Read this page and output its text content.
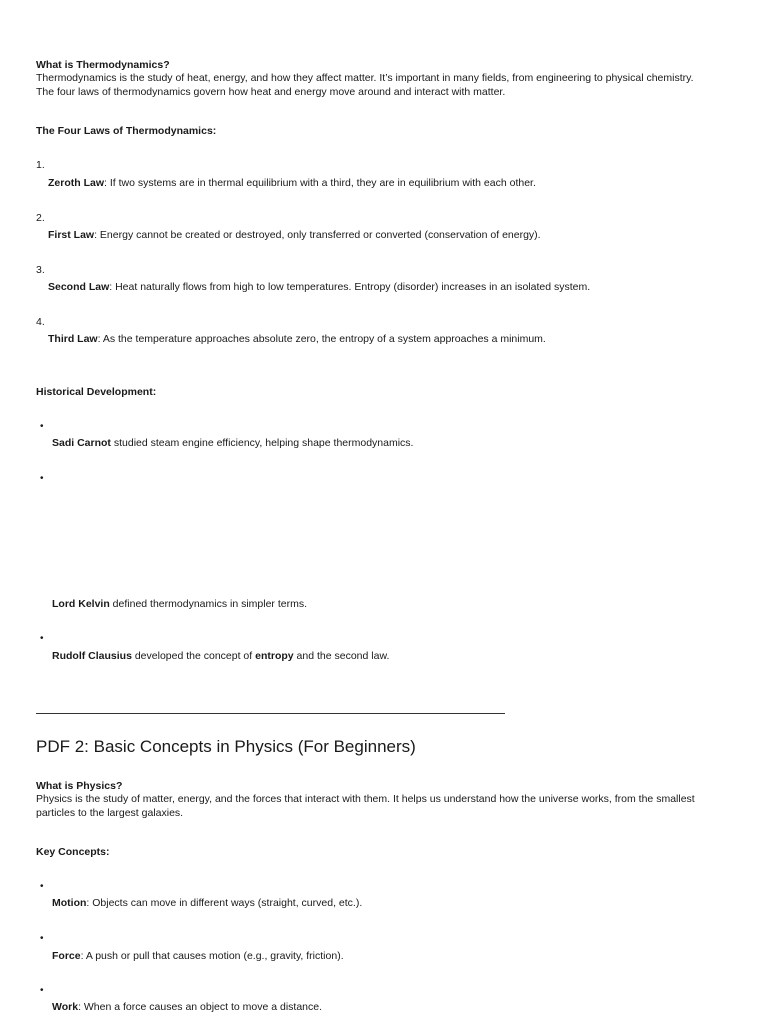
What is Thermodynamics?
Thermodynamics is the study of heat, energy, and how they affect matter. It’s important in many fields, from engineering to physical chemistry.
The four laws of thermodynamics govern how heat and energy move around and interact with matter.
The Four Laws of Thermodynamics:
1.
Zeroth Law: If two systems are in thermal equilibrium with a third, they are in equilibrium with each other.
2.
First Law: Energy cannot be created or destroyed, only transferred or converted (conservation of energy).
3.
Second Law: Heat naturally flows from high to low temperatures. Entropy (disorder) increases in an isolated system.
4.
Third Law: As the temperature approaches absolute zero, the entropy of a system approaches a minimum.
Historical Development:
•
Sadi Carnot studied steam engine efficiency, helping shape thermodynamics.
•
Lord Kelvin defined thermodynamics in simpler terms.
•
Rudolf Clausius developed the concept of entropy and the second law.
PDF 2: Basic Concepts in Physics (For Beginners)
What is Physics?
Physics is the study of matter, energy, and the forces that interact with them. It helps us understand how the universe works, from the smallest
particles to the largest galaxies.
Key Concepts:
•
Motion: Objects can move in different ways (straight, curved, etc.).
•
Force: A push or pull that causes motion (e.g., gravity, friction).
•
Work: When a force causes an object to move a distance.
